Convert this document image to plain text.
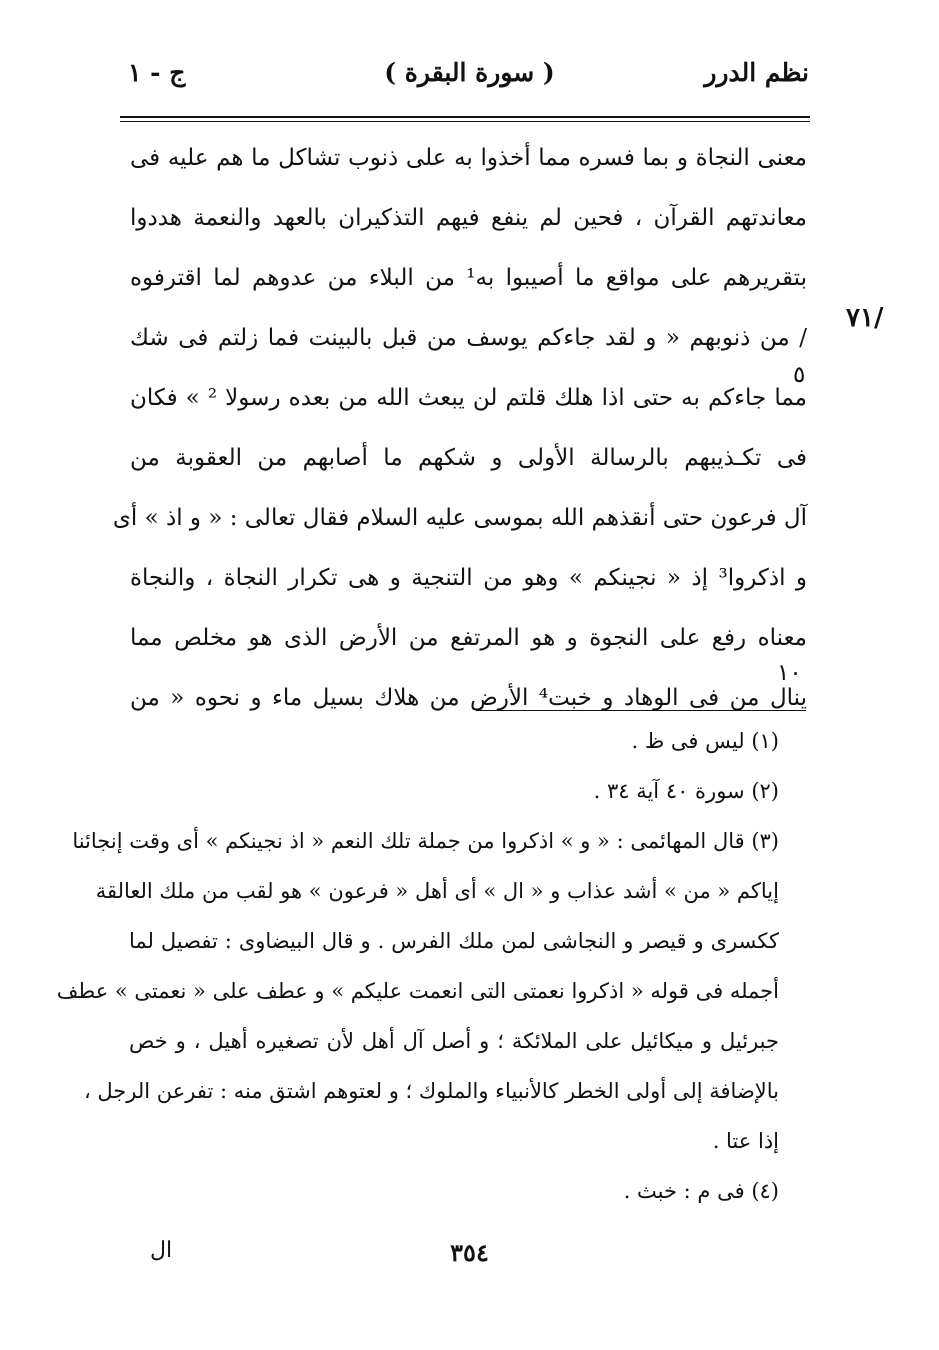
نظم الدرر
( سورة البقرة )
ج - ١
/٧١
٥
١٠
معنى النجاة و بما فسره مما أخذوا به على ذنوب تشاكل ما هم عليه فى
معاندتهم القرآن ، فحين لم ينفع فيهم التذكيران بالعهد والنعمة هددوا
بتقريرهم على مواقع ما أصيبوا به¹ من البلاء من عدوهم لما اقترفوه
/ من ذنوبهم « و لقد جاءكم يوسف من قبل بالبينت فما زلتم فى شك
مما جاءكم به حتى اذا هلك قلتم لن يبعث الله من بعده رسولا ² » فكان
فى تكـذيبهم بالرسالة الأولى و شكهم ما أصابهم من العقوبة من
آل فرعون حتى أنقذهم الله بموسى عليه السلام فقال تعالى : « و اذ » أى
و اذكروا³ إذ « نجينكم » وهو من التنجية و هى تكرار النجاة ، والنجاة
معناه رفع على النجوة و هو المرتفع من الأرض الذى هو مخلص مما
ينال من فى الوهاد و خبت⁴ الأرض من هلاك بسيل ماء و نحوه « من
(١) ليس فى ظ .
(٢) سورة ٤٠ آية ٣٤ .
(٣) قال المهائمى : « و » اذكروا من جملة تلك النعم « اذ نجينكم » أى وقت إنجائنا
إياكم « من » أشد عذاب و « ال » أى أهل « فرعون » هو لقب من ملك العالقة
ككسرى و قيصر و النجاشى لمن ملك الفرس . و قال البيضاوى : تفصيل لما
أجمله فى قوله « اذكروا نعمتى التى انعمت عليكم » و عطف على « نعمتى » عطف
جبرئيل و ميكائيل على الملائكة ؛ و أصل آل أهل لأن تصغيره أهيل ، و خص
بالإضافة إلى أولى الخطر كالأنبياء والملوك ؛ و لعتوهم اشتق منه : تفرعن الرجل ،
إذا عتا .
(٤) فى م : خبث .
ال	٣٥٤
